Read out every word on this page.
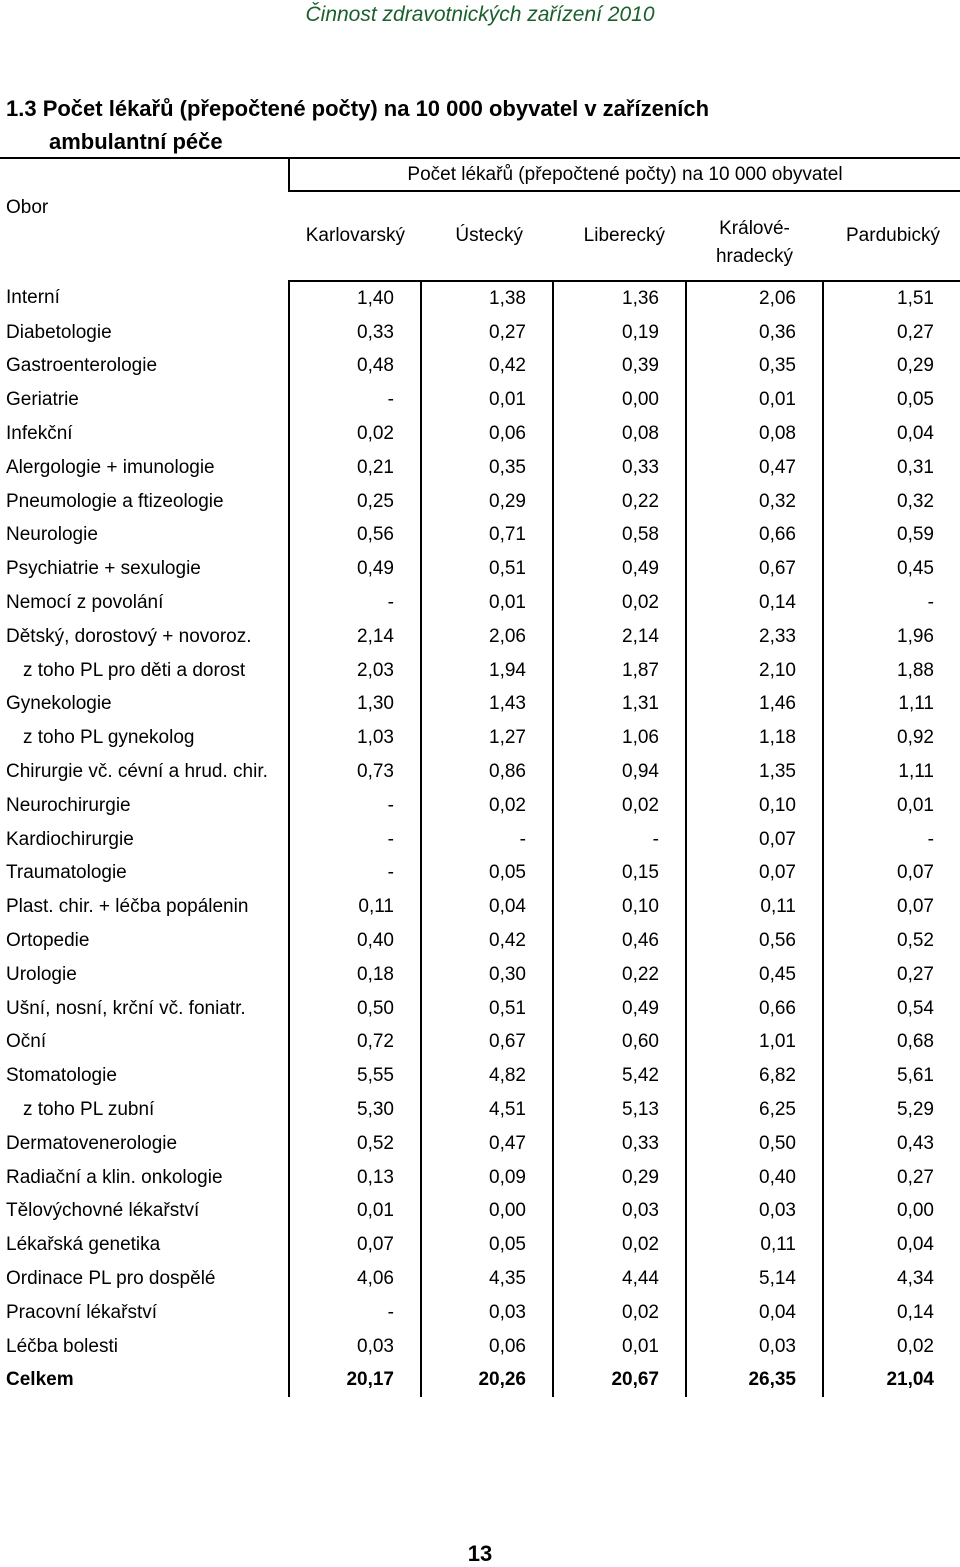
Činnost zdravotnických zařízení 2010
1.3 Počet lékařů (přepočtené počty) na 10 000 obyvatel v zařízeních
ambulantní péče
Obor	Počet lékařů (přepočtené počty) na 10 000 obyvatel				
	Karlovarský	Ústecký	Liberecký	Králové-
hradecký	Pardubický
Interní	1,40	1,38	1,36	2,06	1,51
Diabetologie	0,33	0,27	0,19	0,36	0,27
Gastroenterologie	0,48	0,42	0,39	0,35	0,29
Geriatrie	-	0,01	0,00	0,01	0,05
Infekční	0,02	0,06	0,08	0,08	0,04
Alergologie + imunologie	0,21	0,35	0,33	0,47	0,31
Pneumologie a ftizeologie	0,25	0,29	0,22	0,32	0,32
Neurologie	0,56	0,71	0,58	0,66	0,59
Psychiatrie + sexulogie	0,49	0,51	0,49	0,67	0,45
Nemocí z povolání	-	0,01	0,02	0,14	-
Dětský, dorostový + novoroz.	2,14	2,06	2,14	2,33	1,96
z toho PL pro děti a dorost	2,03	1,94	1,87	2,10	1,88
Gynekologie	1,30	1,43	1,31	1,46	1,11
z toho PL gynekolog	1,03	1,27	1,06	1,18	0,92
Chirurgie vč. cévní a hrud. chir.	0,73	0,86	0,94	1,35	1,11
Neurochirurgie	-	0,02	0,02	0,10	0,01
Kardiochirurgie	-	-	-	0,07	-
Traumatologie	-	0,05	0,15	0,07	0,07
Plast. chir. + léčba popálenin	0,11	0,04	0,10	0,11	0,07
Ortopedie	0,40	0,42	0,46	0,56	0,52
Urologie	0,18	0,30	0,22	0,45	0,27
Ušní, nosní, krční vč. foniatr.	0,50	0,51	0,49	0,66	0,54
Oční	0,72	0,67	0,60	1,01	0,68
Stomatologie	5,55	4,82	5,42	6,82	5,61
z toho PL zubní	5,30	4,51	5,13	6,25	5,29
Dermatovenerologie	0,52	0,47	0,33	0,50	0,43
Radiační a klin. onkologie	0,13	0,09	0,29	0,40	0,27
Tělovýchovné lékařství	0,01	0,00	0,03	0,03	0,00
Lékařská genetika	0,07	0,05	0,02	0,11	0,04
Ordinace PL pro dospělé	4,06	4,35	4,44	5,14	4,34
Pracovní lékařství	-	0,03	0,02	0,04	0,14
Léčba bolesti	0,03	0,06	0,01	0,03	0,02
Celkem	20,17	20,26	20,67	26,35	21,04
13
